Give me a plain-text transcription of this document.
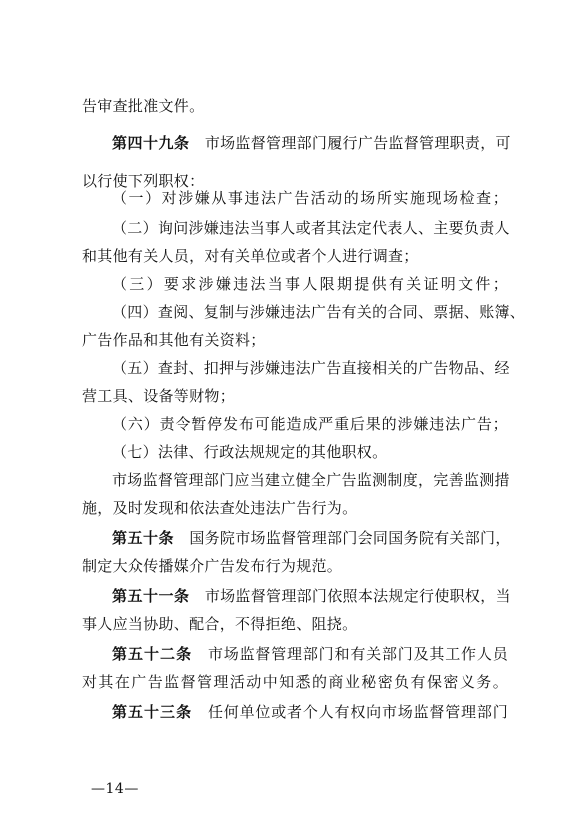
告审查批准文件。

第四十九条　 市场监督管理部门履行广告监督管理职责，可

以行使下列职权：

（一）对涉嫌从事违法广告活动的场所实施现场检查；

（二）询问涉嫌违法当事人或者其法定代表人、主要负责人

和其他有关人员，对有关单位或者个人进行调查；

（三）要求涉嫌违法当事人限期提供有关证明文件；

（四）查阅、复制与涉嫌违法广告有关的合同、票据、账簿、

广告作品和其他有关资料；

（五）查封、扣押与涉嫌违法广告直接相关的广告物品、经

营工具、设备等财物；

（六）责令暂停发布可能造成严重后果的涉嫌违法广告；

（七）法律、行政法规规定的其他职权。

市场监督管理部门应当建立健全广告监测制度，完善监测措

施，及时发现和依法查处违法广告行为。

第五十条　 国务院市场监督管理部门会同国务院有关部门，

制定大众传播媒介广告发布行为规范。

第五十一条　 市场监督管理部门依照本法规定行使职权，当

事人应当协助、配合，不得拒绝、阻挠。

第五十二条　 市场监督管理部门和有关部门及其工作人员

对其在广告监督管理活动中知悉的商业秘密负有保密义务。

第五十三条　 任何单位或者个人有权向市场监督管理部门

—14—
